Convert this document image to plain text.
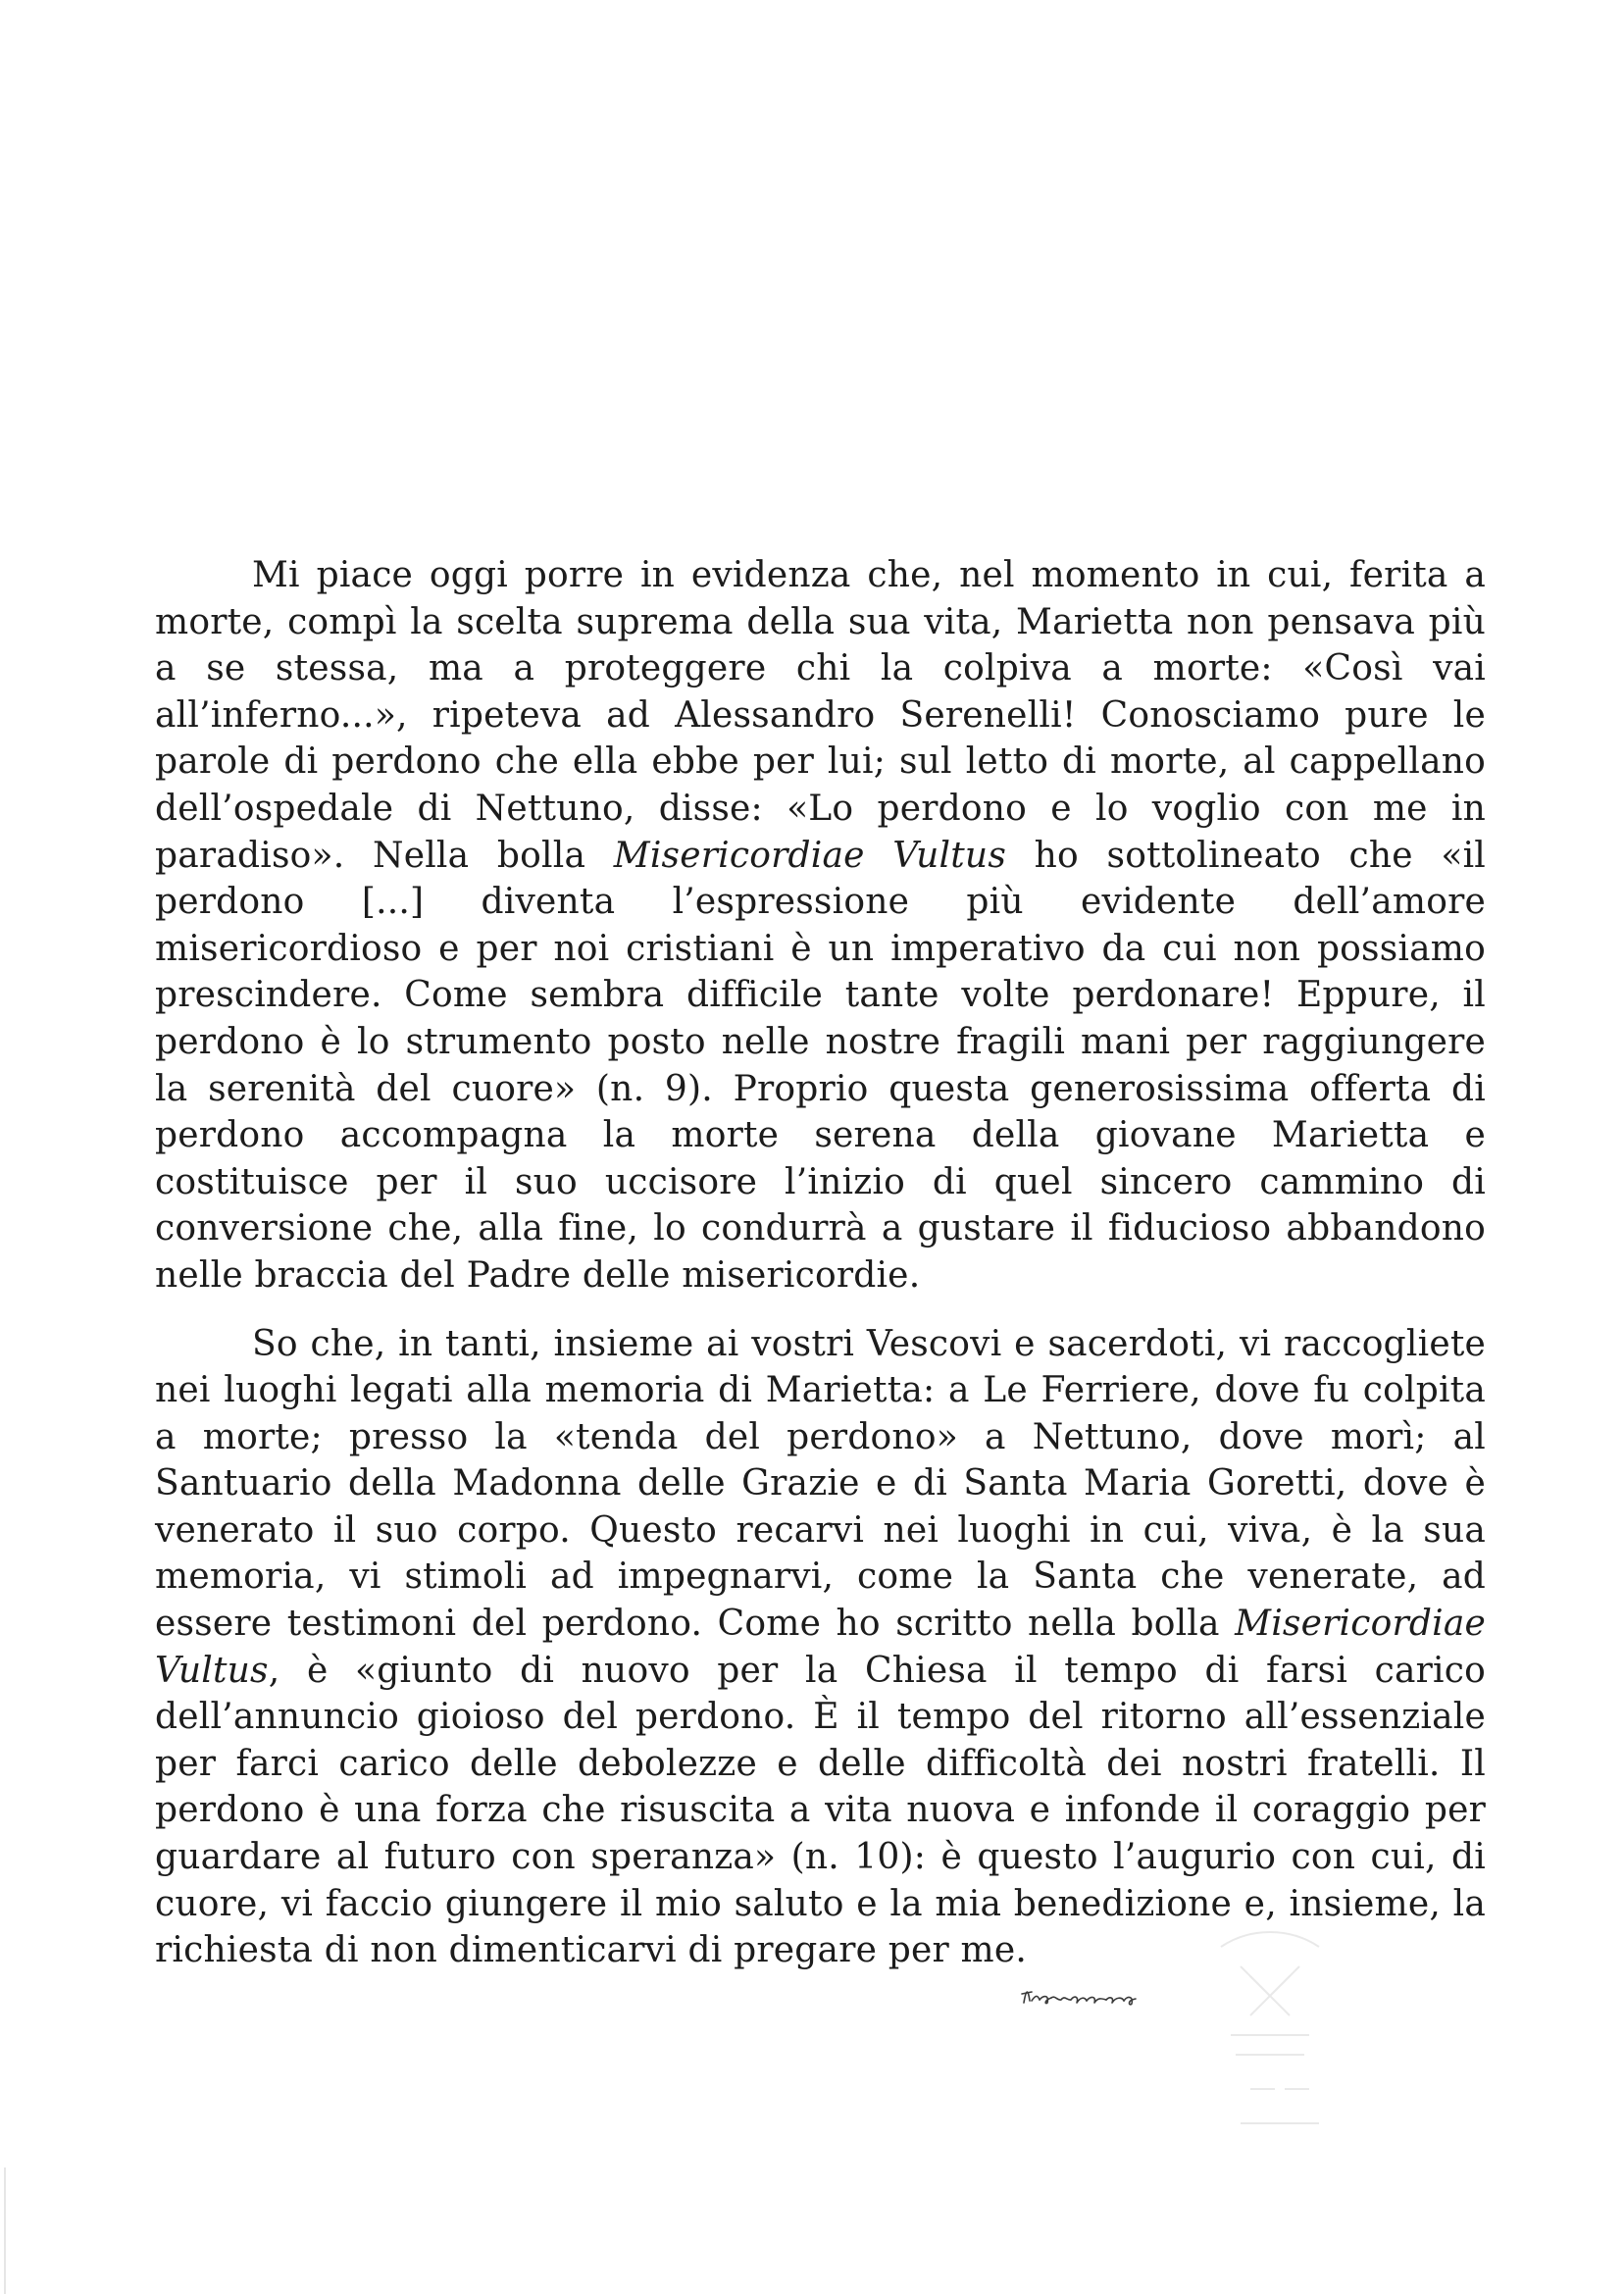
Mi piace oggi porre in evidenza che, nel momento in cui, ferita a morte, compì la scelta suprema della sua vita, Marietta non pensava più a se stessa, ma a proteggere chi la colpiva a morte: «Così vai all’inferno...», ripeteva ad Alessandro Serenelli! Conosciamo pure le parole di perdono che ella ebbe per lui; sul letto di morte, al cappellano dell’ospedale di Nettuno, disse: «Lo perdono e lo voglio con me in paradiso». Nella bolla Misericordiae Vultus ho sottolineato che «il perdono [...] diventa l’espressione più evidente dell’amore misericordioso e per noi cristiani è un imperativo da cui non possiamo prescindere. Come sembra difficile tante volte perdonare! Eppure, il perdono è lo strumento posto nelle nostre fragili mani per raggiungere la serenità del cuore» (n. 9). Proprio questa generosissima offerta di perdono accompagna la morte serena della giovane Marietta e costituisce per il suo uccisore l’inizio di quel sincero cammino di conversione che, alla fine, lo condurrà a gustare il fiducioso abbandono nelle braccia del Padre delle misericordie.

So che, in tanti, insieme ai vostri Vescovi e sacerdoti, vi raccogliete nei luoghi legati alla memoria di Marietta: a Le Ferriere, dove fu colpita a morte; presso la «tenda del perdono» a Nettuno, dove morì; al Santuario della Madonna delle Grazie e di Santa Maria Goretti, dove è venerato il suo corpo. Questo recarvi nei luoghi in cui, viva, è la sua memoria, vi stimoli ad impegnarvi, come la Santa che venerate, ad essere testimoni del perdono. Come ho scritto nella bolla Misericordiae Vultus, è «giunto di nuovo per la Chiesa il tempo di farsi carico dell’annuncio gioioso del perdono. È il tempo del ritorno all’essenziale per farci carico delle debolezze e delle difficoltà dei nostri fratelli. Il perdono è una forza che risuscita a vita nuova e infonde il coraggio per guardare al futuro con speranza» (n. 10): è questo l’augurio con cui, di cuore, vi faccio giungere il mio saluto e la mia benedizione e, insieme, la richiesta di non dimenticarvi di pregare per me.
